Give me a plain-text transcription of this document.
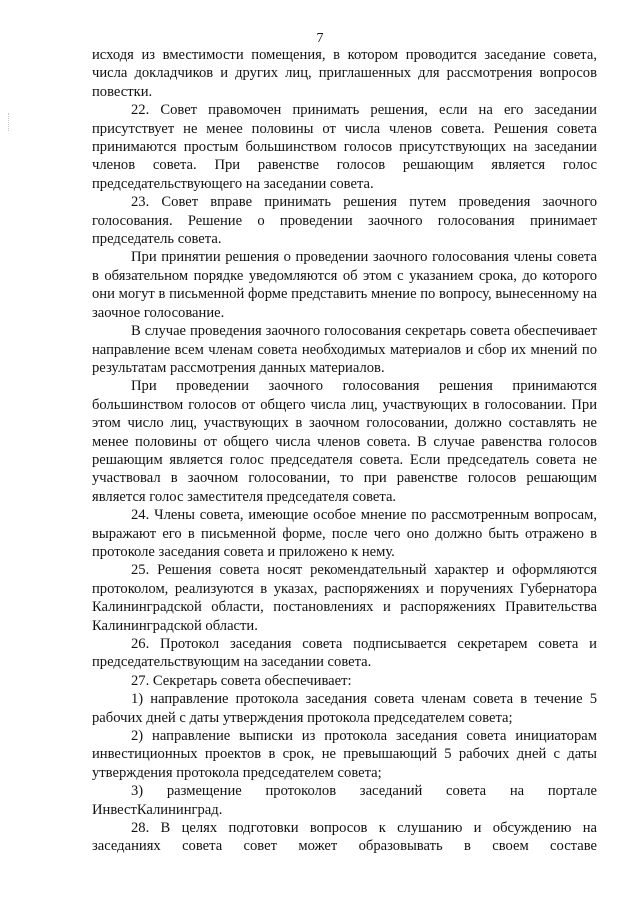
7

исходя из вместимости помещения, в котором проводится заседание совета, числа докладчиков и других лиц, приглашенных для рассмотрения вопросов повестки.

22. Совет правомочен принимать решения, если на его заседании присутствует не менее половины от числа членов совета. Решения совета принимаются простым большинством голосов присутствующих на заседании членов совета. При равенстве голосов решающим является голос председательствующего на заседании совета.

23. Совет вправе принимать решения путем проведения заочного голосования. Решение о проведении заочного голосования принимает председатель совета.

При принятии решения о проведении заочного голосования члены совета в обязательном порядке уведомляются об этом с указанием срока, до которого они могут в письменной форме представить мнение по вопросу, вынесенному на заочное голосование.

В случае проведения заочного голосования секретарь совета обеспечивает направление всем членам совета необходимых материалов и сбор их мнений по результатам рассмотрения данных материалов.

При проведении заочного голосования решения принимаются большинством голосов от общего числа лиц, участвующих в голосовании. При этом число лиц, участвующих в заочном голосовании, должно составлять не менее половины от общего числа членов совета. В случае равенства голосов решающим является голос председателя совета. Если председатель совета не участвовал в заочном голосовании, то при равенстве голосов решающим является голос заместителя председателя совета.

24. Члены совета, имеющие особое мнение по рассмотренным вопросам, выражают его в письменной форме, после чего оно должно быть отражено в протоколе заседания совета и приложено к нему.

25. Решения совета носят рекомендательный характер и оформляются протоколом, реализуются в указах, распоряжениях и поручениях Губернатора Калининградской области, постановлениях и распоряжениях Правительства Калининградской области.

26. Протокол заседания совета подписывается секретарем совета и председательствующим на заседании совета.

27. Секретарь совета обеспечивает:

1) направление протокола заседания совета членам совета в течение 5 рабочих дней с даты утверждения протокола председателем совета;

2) направление выписки из протокола заседания совета инициаторам инвестиционных проектов в срок, не превышающий 5 рабочих дней с даты утверждения протокола председателем совета;

3) размещение протоколов заседаний совета на портале ИнвестКалининград.

28. В целях подготовки вопросов к слушанию и обсуждению на заседаниях совета совет может образовывать в своем составе
